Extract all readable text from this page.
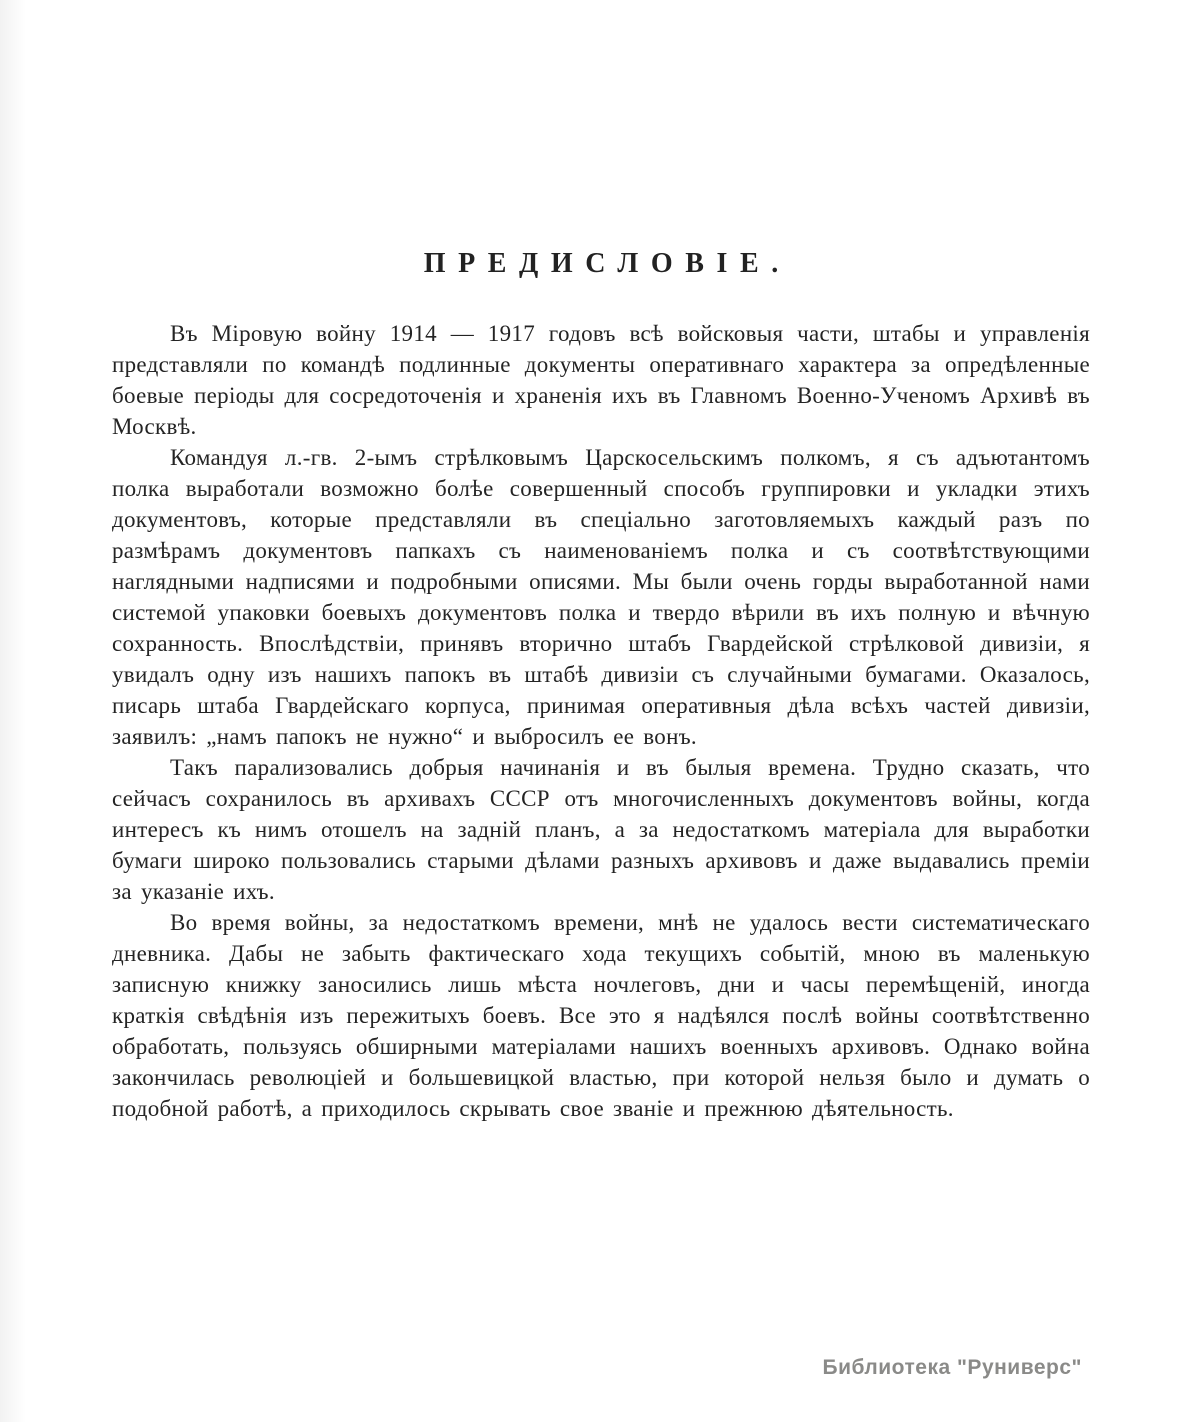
ПРЕДИСЛОВІЕ.

Въ Міровую войну 1914 — 1917 годовъ всѣ войсковыя части, штабы и управленія представляли по командѣ подлинные документы оперативнаго характера за опредѣленные боевые періоды для сосредоточенія и храненія ихъ въ Главномъ Военно-Ученомъ Архивѣ въ Москвѣ.

Командуя л.-гв. 2-ымъ стрѣлковымъ Царскосельскимъ полкомъ, я съ адъютантомъ полка выработали возможно болѣе совершенный способъ группировки и укладки этихъ документовъ, которые представляли въ спеціально заготовляемыхъ каждый разъ по размѣрамъ документовъ папкахъ съ наименованіемъ полка и съ соотвѣтствующими наглядными надписями и подробными описями. Мы были очень горды выработанной нами системой упаковки боевыхъ документовъ полка и твердо вѣрили въ ихъ полную и вѣчную сохранность. Впослѣдствіи, принявъ вторично штабъ Гвардейской стрѣлковой дивизіи, я увидалъ одну изъ нашихъ папокъ въ штабѣ дивизіи съ случайными бумагами. Оказалось, писарь штаба Гвардейскаго корпуса, принимая оперативныя дѣла всѣхъ частей дивизіи, заявилъ: „намъ папокъ не нужно“ и выбросилъ ее вонъ.

Такъ парализовались добрыя начинанія и въ былыя времена. Трудно сказать, что сейчасъ сохранилось въ архивахъ СССР отъ многочисленныхъ документовъ войны, когда интересъ къ нимъ отошелъ на задній планъ, а за недостаткомъ матеріала для выработки бумаги широко пользовались старыми дѣлами разныхъ архивовъ и даже выдавались преміи за указаніе ихъ.

Во время войны, за недостаткомъ времени, мнѣ не удалось вести систематическаго дневника. Дабы не забыть фактическаго хода текущихъ событій, мною въ маленькую записную книжку заносились лишь мѣста ночлеговъ, дни и часы перемѣщеній, иногда краткія свѣдѣнія изъ пережитыхъ боевъ. Все это я надѣялся послѣ войны соотвѣтственно обработать, пользуясь обширными матеріалами нашихъ военныхъ архивовъ. Однако война закончилась революціей и большевицкой властью, при которой нельзя было и думать о подобной работѣ, а приходилось скрывать свое званіе и прежнюю дѣятельность.

Библиотека "Руниверс"
